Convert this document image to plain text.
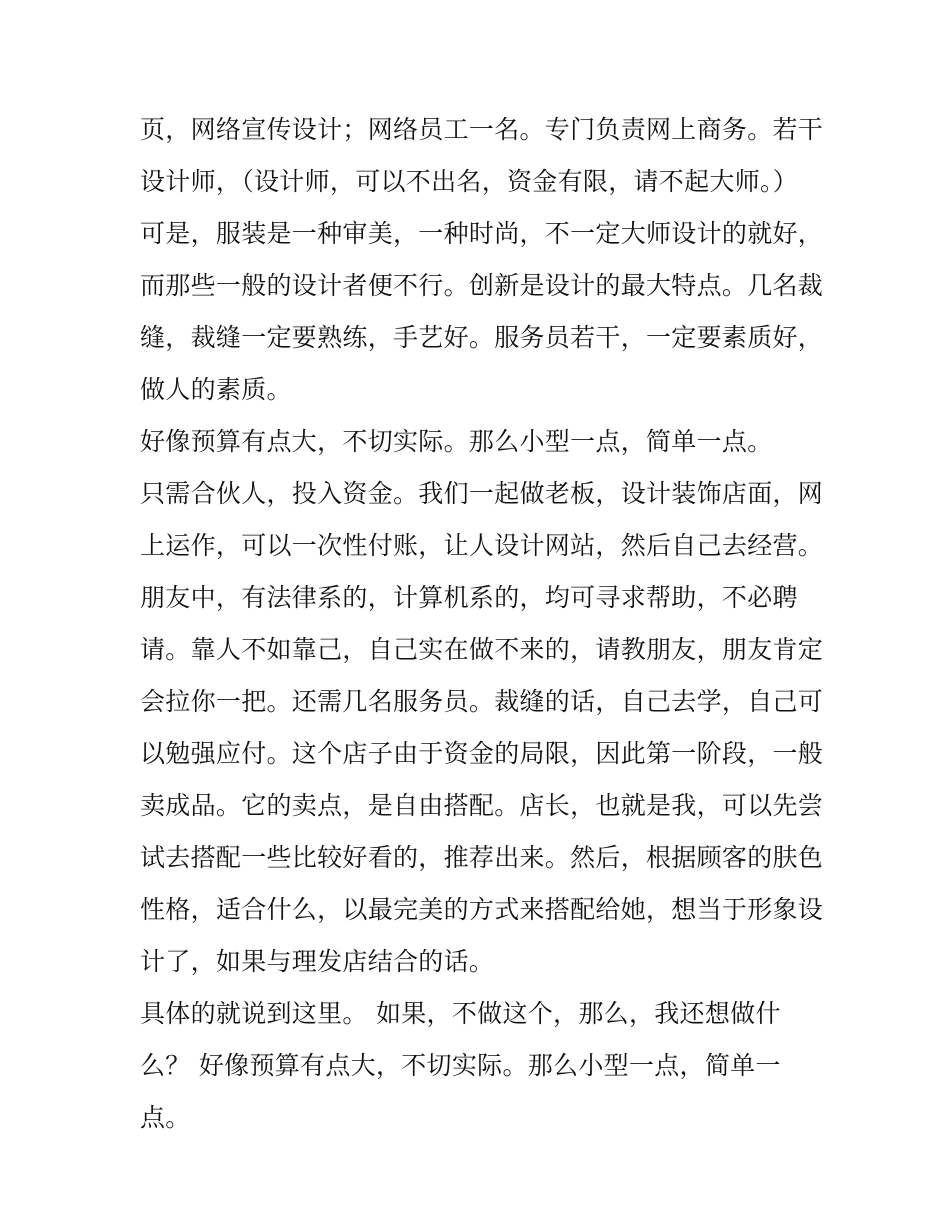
页，网络宣传设计；网络员工一名。专门负责网上商务。若干
设计师，（设计师，可以不出名，资金有限，请不起大师。）
可是，服装是一种审美，一种时尚，不一定大师设计的就好，
而那些一般的设计者便不行。创新是设计的最大特点。几名裁
缝，裁缝一定要熟练，手艺好。服务员若干，一定要素质好，
做人的素质。
好像预算有点大，不切实际。那么小型一点，简单一点。
只需合伙人，投入资金。我们一起做老板，设计装饰店面，网
上运作，可以一次性付账，让人设计网站，然后自己去经营。
朋友中，有法律系的，计算机系的，均可寻求帮助，不必聘
请。靠人不如靠己，自己实在做不来的，请教朋友，朋友肯定
会拉你一把。还需几名服务员。裁缝的话，自己去学，自己可
以勉强应付。这个店子由于资金的局限，因此第一阶段，一般
卖成品。它的卖点，是自由搭配。店长，也就是我，可以先尝
试去搭配一些比较好看的，推荐出来。然后，根据顾客的肤色
性格，适合什么，以最完美的方式来搭配给她，想当于形象设
计了，如果与理发店结合的话。
具体的就说到这里。 如果，不做这个，那么，我还想做什
么？ 好像预算有点大，不切实际。那么小型一点，简单一
点。
